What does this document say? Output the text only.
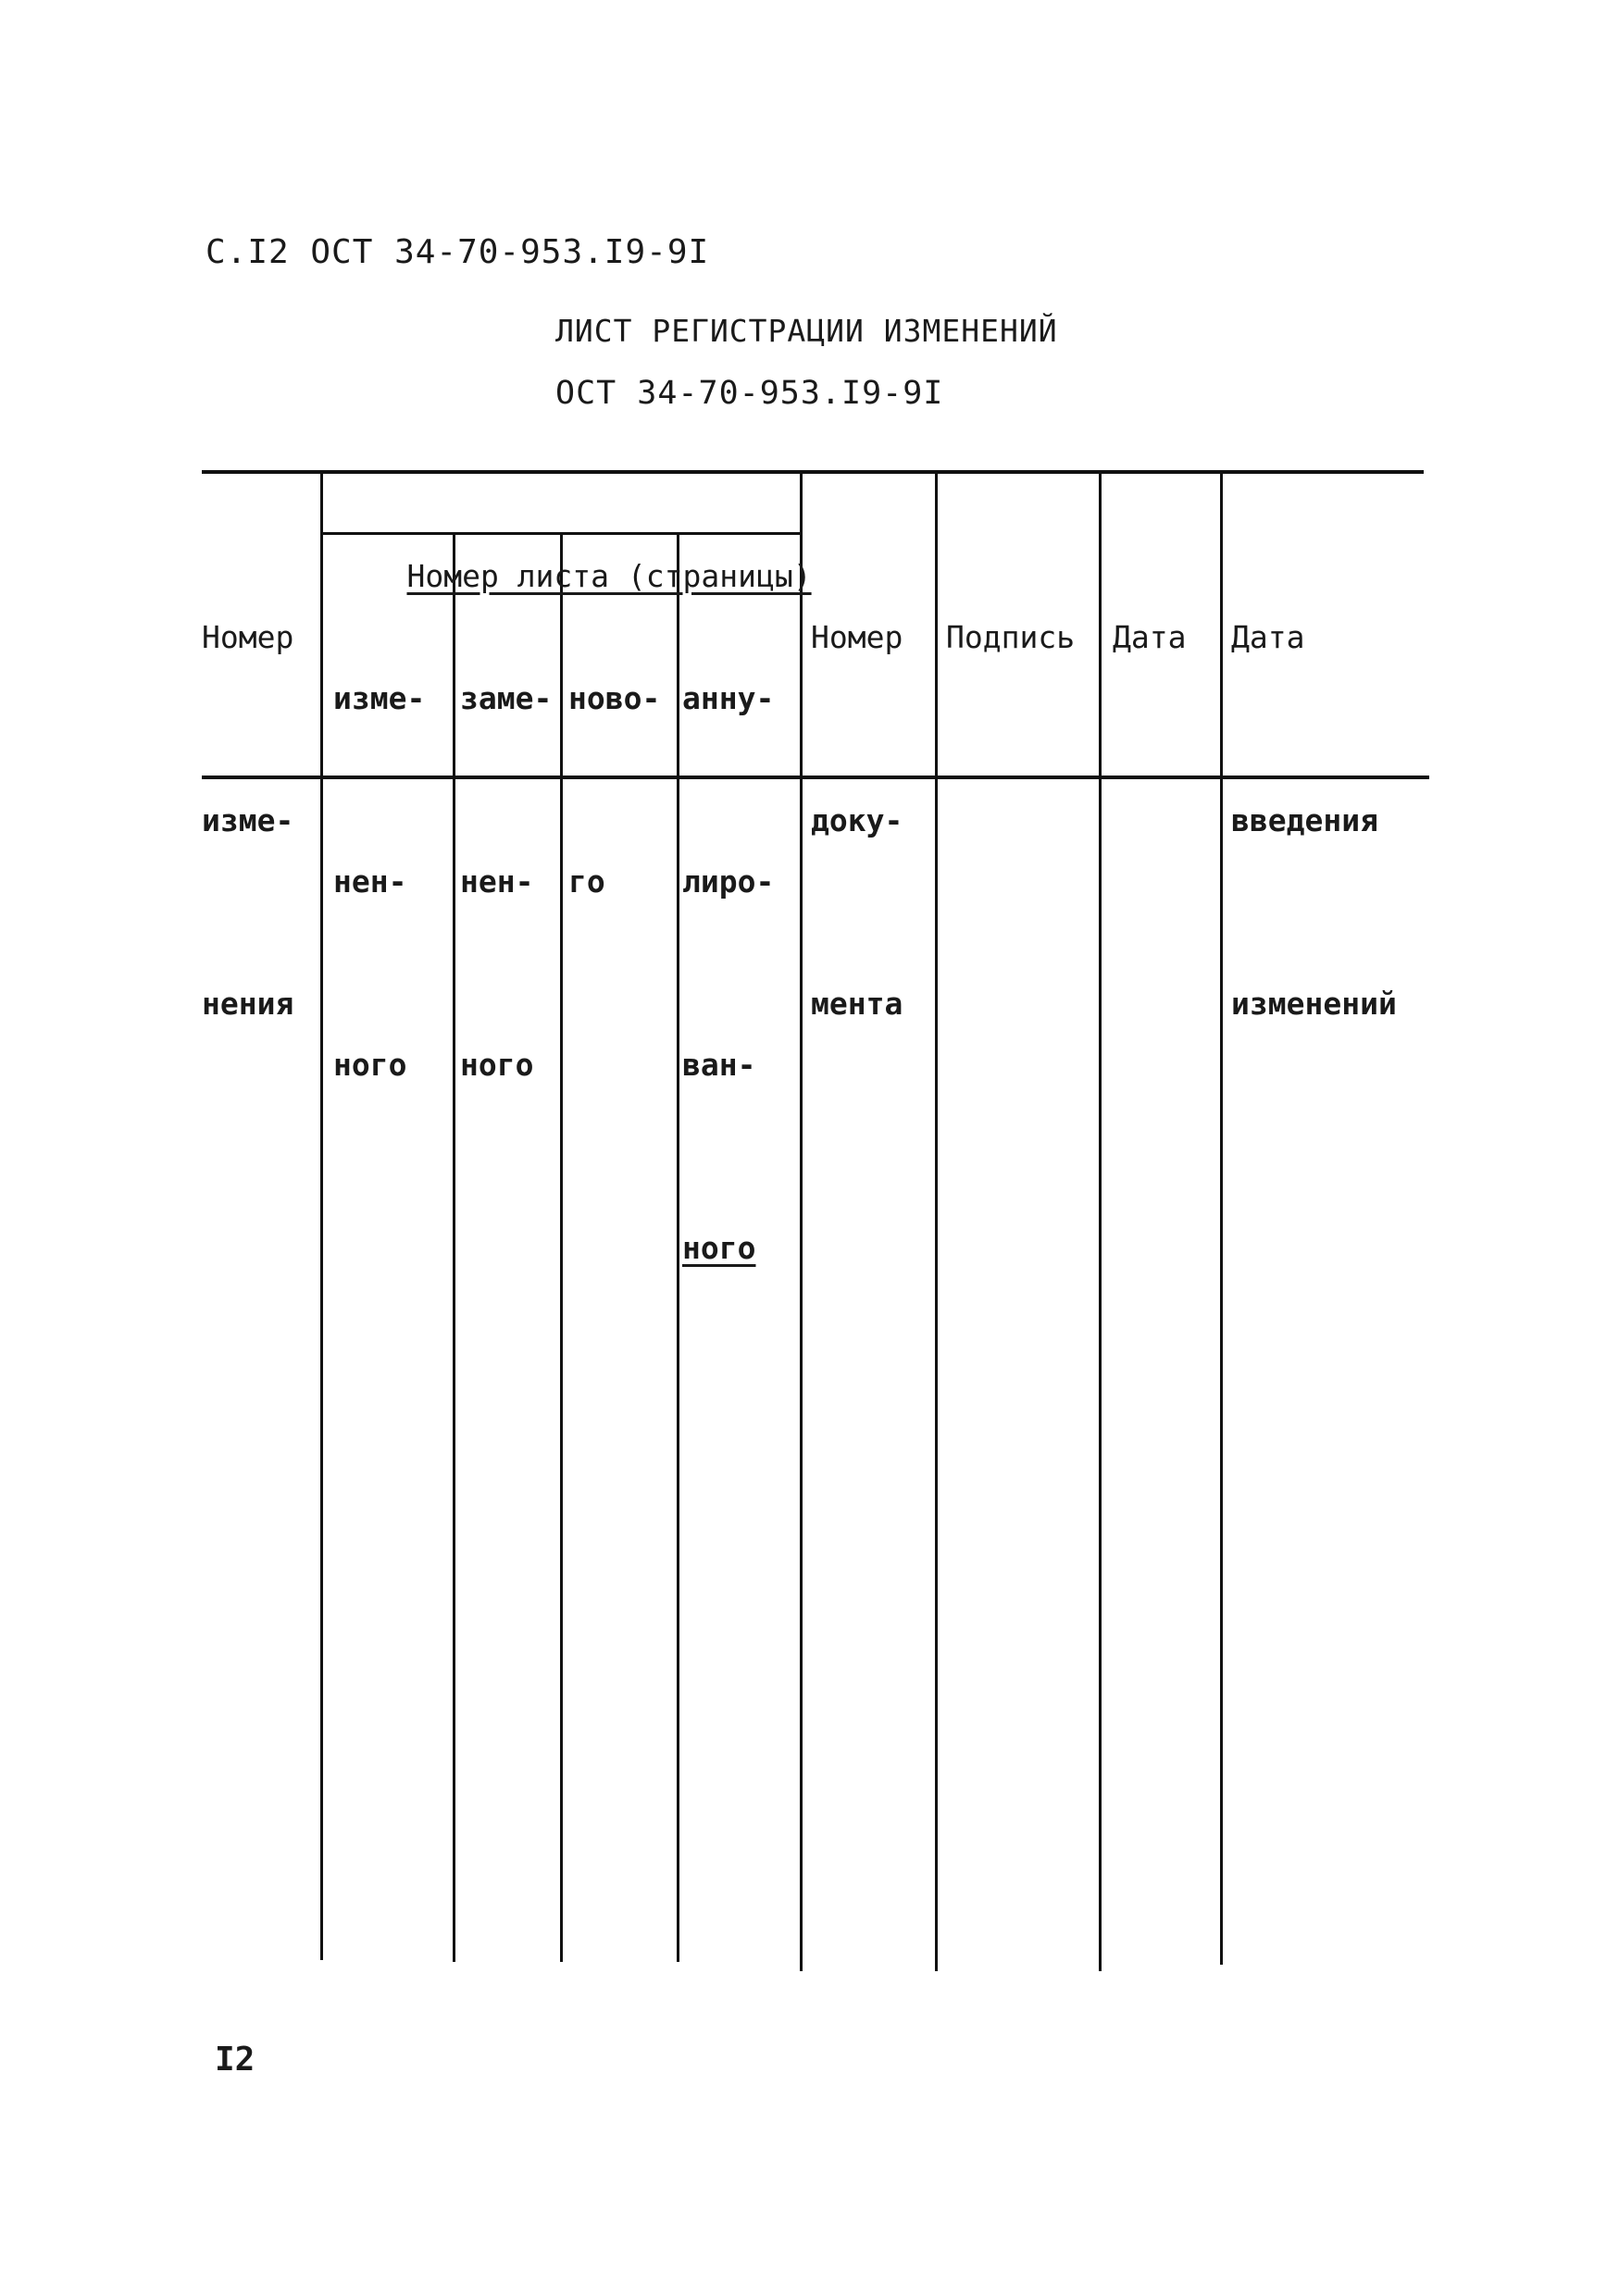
С.I2 ОСТ 34-70-953.I9-9I
ЛИСТ РЕГИСТРАЦИИ ИЗМЕНЕНИЙ
ОСТ 34-70-953.I9-9I

Номер листа (страницы)

Номер

изме-

нения

изме-

нен-

ного

заме-

нен-

ного

ново-

го

анну-

лиро-

ван-

ного

Номер

доку-

мента

Подпись

Дата

Дата

введения

изменений

I2
